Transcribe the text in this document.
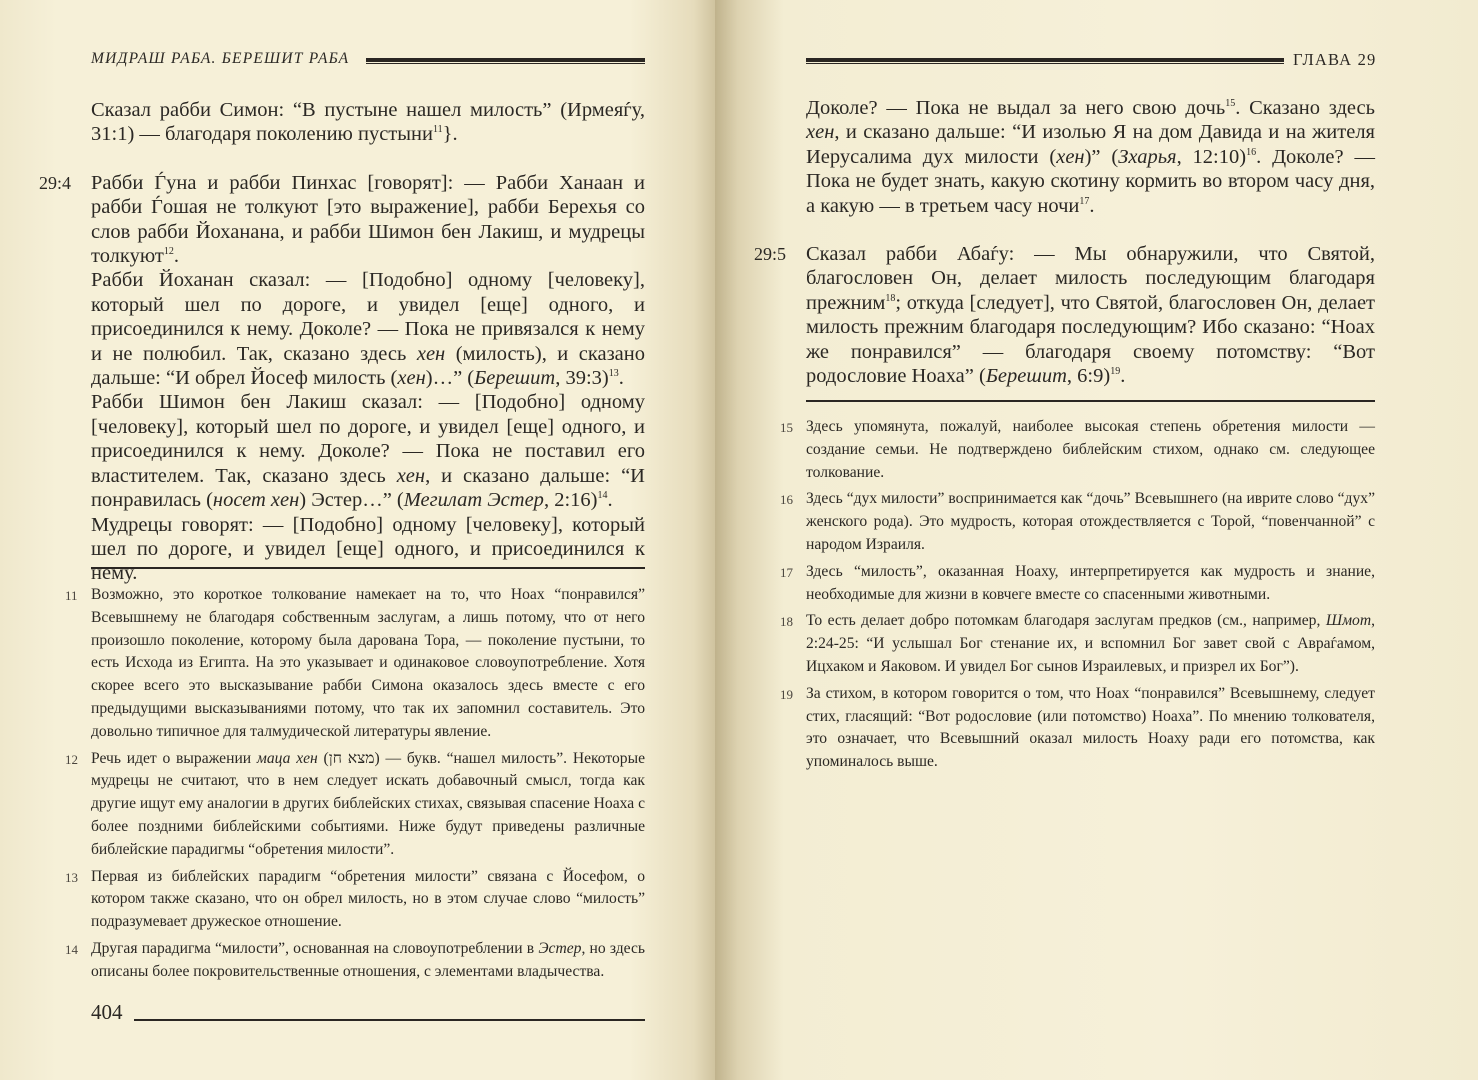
МИДРАШ РАБА. БЕРЕШИТ РАБА

Сказал рабби Симон: “В пустыне нашел милость” (Ирмеяѓу, 31:1) — благодаря поколению пустыни$^{11}$}.

29:4 Рабби Ѓуна и рабби Пинхас [говорят]: — Рабби Ханаан и рабби Ѓошая не толкуют [это выражение], рабби Берехья со слов рабби Йоханана, и рабби Шимон бен Лакиш, и мудрецы толкуют$^{12}$.

Рабби Йоханан сказал: — [Подобно] одному [человеку], который шел по дороге, и увидел [еще] одного, и присоединился к нему. Доколе? — Пока не привязался к нему и не полюбил. Так, сказано здесь хен (милость), и сказано дальше: “И обрел Йосеф милость (хен)…” (Берешит, 39:3)$^{13}$.

Рабби Шимон бен Лакиш сказал: — [Подобно] одному [человеку], который шел по дороге, и увидел [еще] одного, и присоединился к нему. Доколе? — Пока не поставил его властителем. Так, сказано здесь хен, и сказано дальше: “И понравилась (носет хен) Эстер…” (Мегилат Эстер, 2:16)$^{14}$.

Мудрецы говорят: — [Подобно] одному [человеку], который шел по дороге, и увидел [еще] одного, и присоединился к нему.

11 Возможно, это короткое толкование намекает на то, что Ноах “понравился” Всевышнему не благодаря собственным заслугам, а лишь потому, что от него произошло поколение, которому была дарована Тора, — поколение пустыни, то есть Исхода из Египта. На это указывает и одинаковое словоупотребление. Хотя скорее всего это высказывание рабби Симона оказалось здесь вместе с его предыдущими высказываниями потому, что так их запомнил составитель. Это довольно типичное для талмудической литературы явление.
12 Речь идет о выражении маца хен (מצא חן) — букв. “нашел милость”. Некоторые мудрецы не считают, что в нем следует искать добавочный смысл, тогда как другие ищут ему аналогии в других библейских стихах, связывая спасение Ноаха с более поздними библейскими событиями. Ниже будут приведены различные библейские парадигмы “обретения милости”.
13 Первая из библейских парадигм “обретения милости” связана с Йосефом, о котором также сказано, что он обрел милость, но в этом случае слово “милость” подразумевает дружеское отношение.
14 Другая парадигма “милости”, основанная на словоупотреблении в Эстер, но здесь описаны более покровительственные отношения, с элементами владычества.
404
ГЛАВА 29

Доколе? — Пока не выдал за него свою дочь$^{15}$. Сказано здесь хен, и сказано дальше: “И изолью Я на дом Давида и на жителя Иерусалима дух милости (хен)” (Зхарья, 12:10)$^{16}$. Доколе? — Пока не будет знать, какую скотину кормить во втором часу дня, а какую — в третьем часу ночи$^{17}$.

29:5 Сказал рабби Абаѓу: — Мы обнаружили, что Святой, благословен Он, делает милость последующим благодаря прежним$^{18}$; откуда [следует], что Святой, благословен Он, делает милость прежним благодаря последующим? Ибо сказано: “Ноах же понравился” — благодаря своему потомству: “Вот родословие Ноаха” (Берешит, 6:9)$^{19}$.

15 Здесь упомянута, пожалуй, наиболее высокая степень обретения милости — создание семьи. Не подтверждено библейским стихом, однако см. следующее толкование.
16 Здесь “дух милости” воспринимается как “дочь” Всевышнего (на иврите слово “дух” женского рода). Это мудрость, которая отождествляется с Торой, “повенчанной” с народом Израиля.
17 Здесь “милость”, оказанная Ноаху, интерпретируется как мудрость и знание, необходимые для жизни в ковчеге вместе со спасенными животными.
18 То есть делает добро потомкам благодаря заслугам предков (см., например, Шмот, 2:24-25: “И услышал Бог стенание их, и вспомнил Бог завет свой с Авраѓамом, Ицхаком и Яаковом. И увидел Бог сынов Израилевых, и призрел их Бог”).
19 За стихом, в котором говорится о том, что Ноах “понравился” Всевышнему, следует стих, гласящий: “Вот родословие (или потомство) Ноаха”. По мнению толкователя, это означает, что Всевышний оказал милость Ноаху ради его потомства, как упоминалось выше.
